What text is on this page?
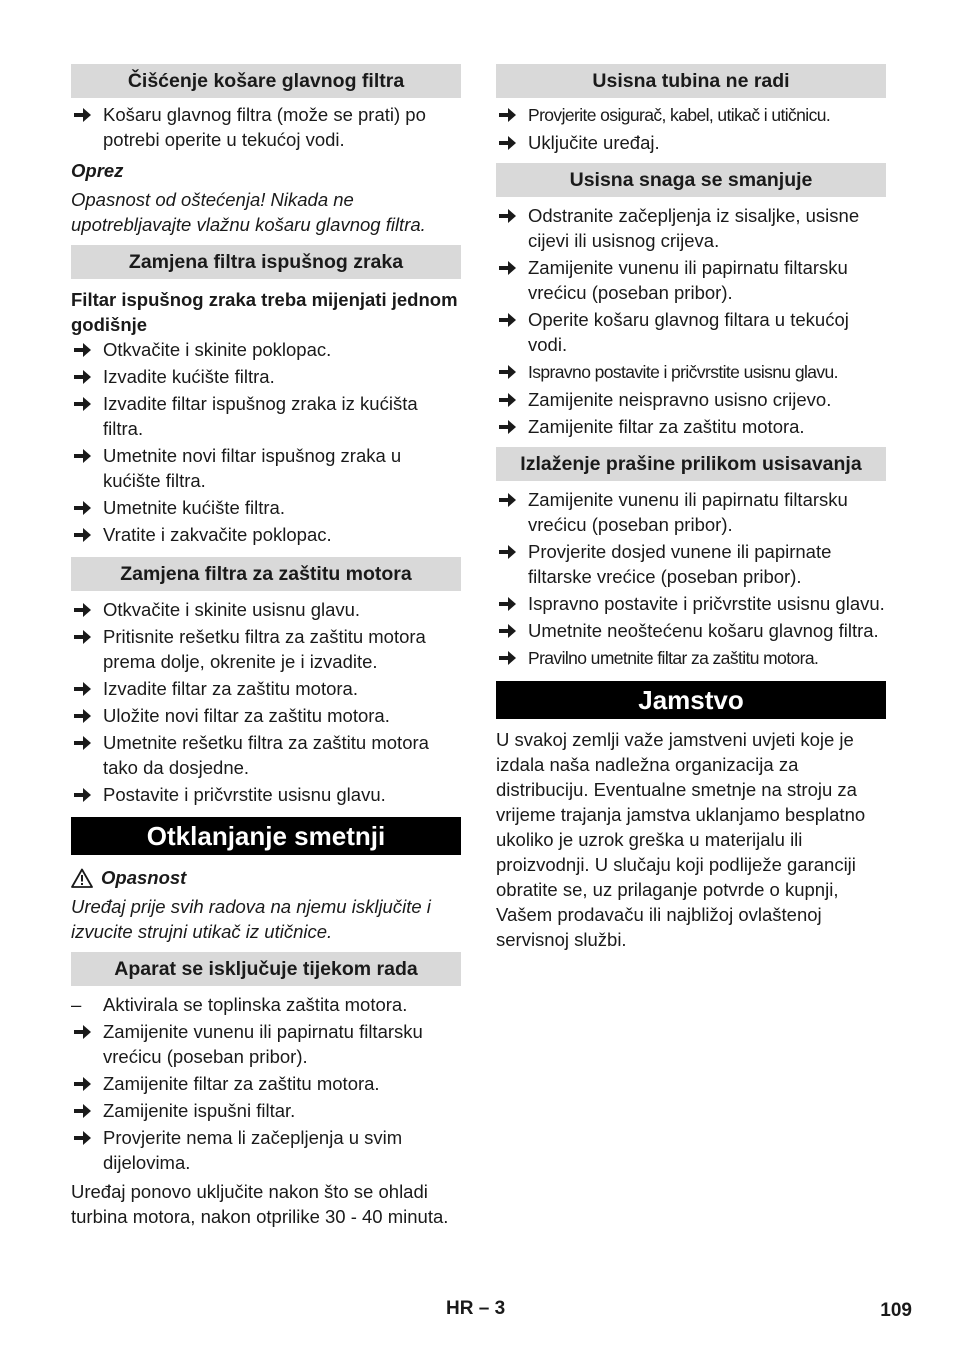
Čišćenje košare glavnog filtra
Košaru glavnog filtra (može se prati) po potrebi operite u tekućoj vodi.

Oprez

Opasnost od oštećenja! Nikada ne upotrebljavajte vlažnu košaru glavnog filtra.

Zamjena filtra ispušnog zraka

Filtar ispušnog zraka treba mijenjati jednom godišnje

Otkvačite i skinite poklopac.
Izvadite kućište filtra.
Izvadite filtar ispušnog zraka iz kućišta filtra.
Umetnite novi filtar ispušnog zraka u kućište filtra.
Umetnite kućište filtra.
Vratite i zakvačite poklopac.
Zamjena filtra za zaštitu motora
Otkvačite i skinite usisnu glavu.
Pritisnite rešetku filtra za zaštitu motora prema dolje, okrenite je i izvadite.
Izvadite filtar za zaštitu motora.
Uložite novi filtar za zaštitu motora.
Umetnite rešetku filtra za zaštitu motora tako da dosjedne.
Postavite i pričvrstite usisnu glavu.
Otklanjanje smetnji
Opasnost

Uređaj prije svih radova na njemu isključite i izvucite strujni utikač iz utičnice.

Aparat se isključuje tijekom rada
– Aktivirala se toplinska zaštita motora.
Zamijenite vunenu ili papirnatu filtarsku vrećicu (poseban pribor).
Zamijenite filtar za zaštitu motora.
Zamijenite ispušni filtar.
Provjerite nema li začepljenja u svim dijelovima.

Uređaj ponovo uključite nakon što se ohladi turbina motora, nakon otprilike 30 - 40 minuta.

Usisna tubina ne radi
Provjerite osigurač, kabel, utikač i utičnicu.
Uključite uređaj.
Usisna snaga se smanjuje
Odstranite začepljenja iz sisaljke, usisne cijevi ili usisnog crijeva.
Zamijenite vunenu ili papirnatu filtarsku vrećicu (poseban pribor).
Operite košaru glavnog filtara u tekućoj vodi.
Ispravno postavite i pričvrstite usisnu glavu.
Zamijenite neispravno usisno crijevo.
Zamijenite filtar za zaštitu motora.
Izlaženje prašine prilikom usisavanja
Zamijenite vunenu ili papirnatu filtarsku vrećicu (poseban pribor).
Provjerite dosjed vunene ili papirnate filtarske vrećice (poseban pribor).
Ispravno postavite i pričvrstite usisnu glavu.
Umetnite neoštećenu košaru glavnog filtra.
Pravilno umetnite filtar za zaštitu motora.
Jamstvo

U svakoj zemlji važe jamstveni uvjeti koje je izdala naša nadležna organizacija za distribuciju. Eventualne smetnje na stroju za vrijeme trajanja jamstva uklanjamo besplatno ukoliko je uzrok greška u materijalu ili proizvodnji. U slučaju koji podliježe garanciji obratite se, uz prilaganje potvrde o kupnji, Vašem prodavaču ili najbližoj ovlaštenoj servisnoj službi.

HR – 3	109
